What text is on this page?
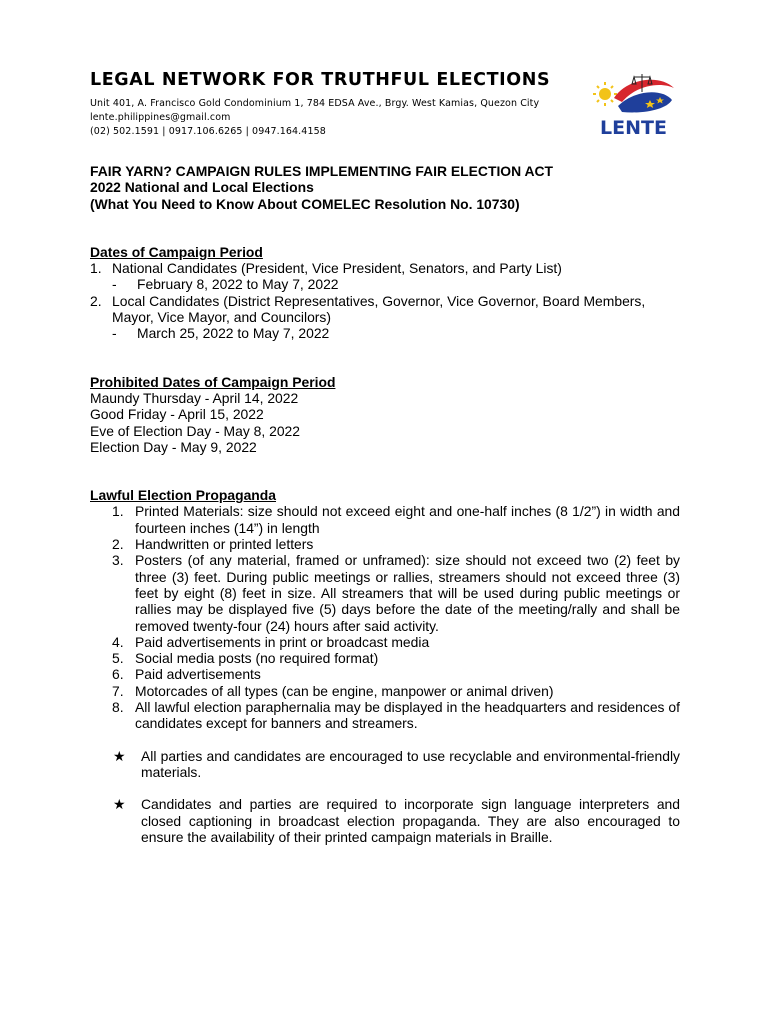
LEGAL NETWORK FOR TRUTHFUL ELECTIONS
Unit 401, A. Francisco Gold Condominium 1, 784 EDSA Ave., Brgy. West Kamias, Quezon City
lente.philippines@gmail.com
(02) 502.1591 | 0917.106.6265 | 0947.164.4158	LENTE
FAIR YARN? CAMPAIGN RULES IMPLEMENTING FAIR ELECTION ACT
2022 National and Local Elections
(What You Need to Know About COMELEC Resolution No. 10730)
Dates of Campaign Period
1. National Candidates (President, Vice President, Senators, and Party List)
-	February 8, 2022 to May 7, 2022
2. Local Candidates (District Representatives, Governor, Vice Governor, Board Members,
Mayor, Vice Mayor, and Councilors)
-	March 25, 2022 to May 7, 2022
Prohibited Dates of Campaign Period
Maundy Thursday - April 14, 2022
Good Friday - April 15, 2022
Eve of Election Day - May 8, 2022
Election Day - May 9, 2022
Lawful Election Propaganda
1. Printed Materials: size should not exceed eight and one-half inches (8 1/2”) in width and fourteen inches (14”) in length
2. Handwritten or printed letters
3. Posters (of any material, framed or unframed): size should not exceed two (2) feet by three (3) feet. During public meetings or rallies, streamers should not exceed three (3) feet by eight (8) feet in size. All streamers that will be used during public meetings or rallies may be displayed five (5) days before the date of the meeting/rally and shall be removed twenty-four (24) hours after said activity.
4. Paid advertisements in print or broadcast media
5. Social media posts (no required format)
6. Paid advertisements
7. Motorcades of all types (can be engine, manpower or animal driven)
8. All lawful election paraphernalia may be displayed in the headquarters and residences of candidates except for banners and streamers.
★	All parties and candidates are encouraged to use recyclable and environmental-friendly materials.
★	Candidates and parties are required to incorporate sign language interpreters and closed captioning in broadcast election propaganda. They are also encouraged to ensure the availability of their printed campaign materials in Braille.
